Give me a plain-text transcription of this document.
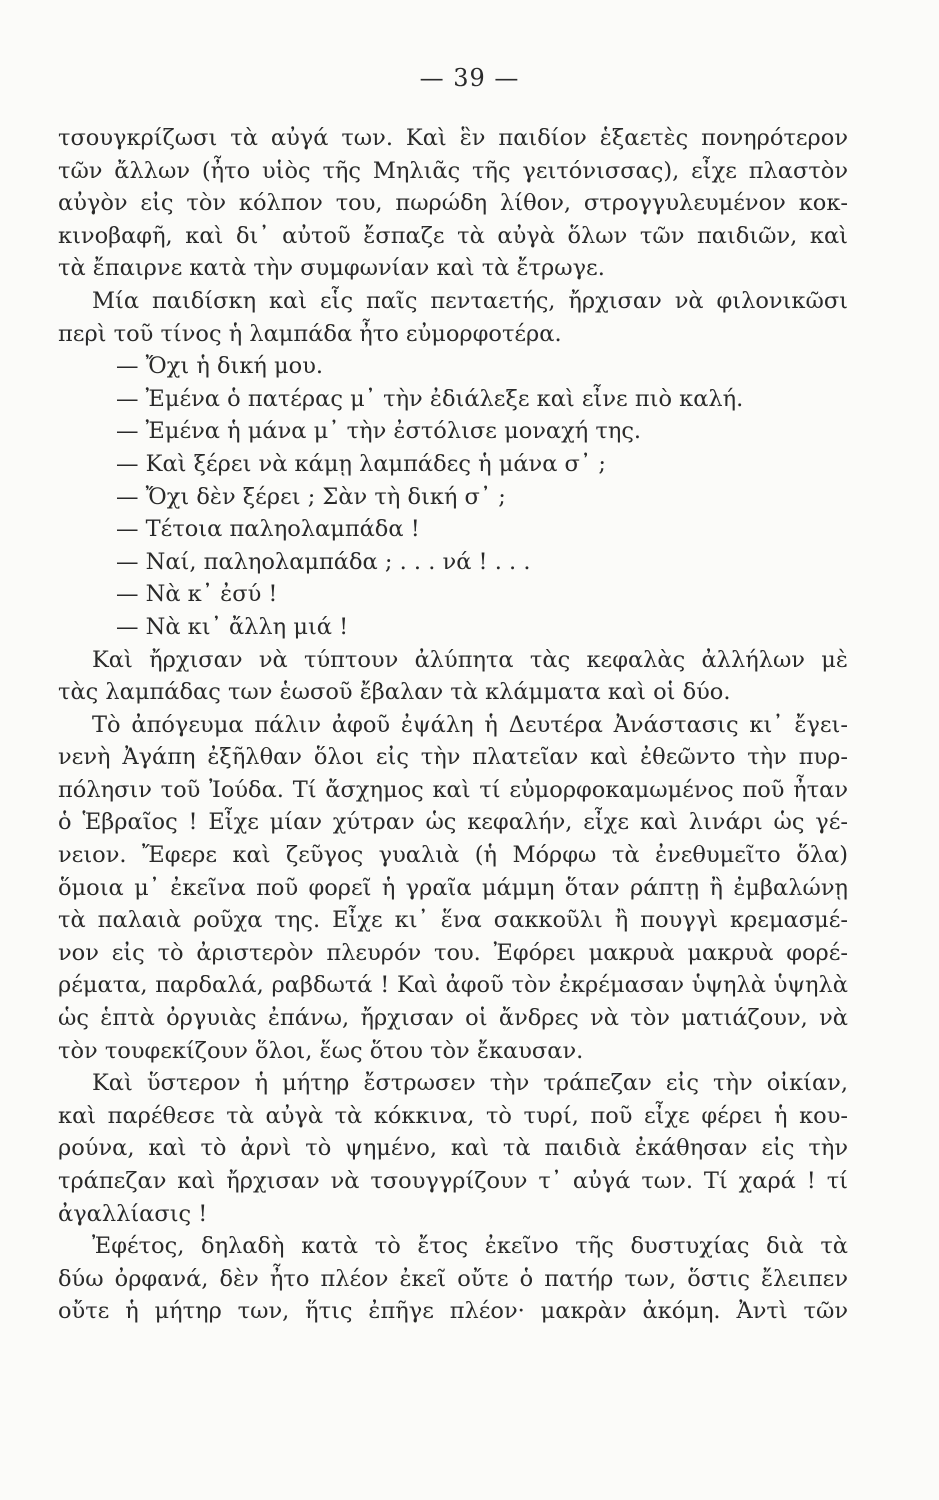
— 39 —
τσουγκρίζωσι τὰ αὐγά των. Καὶ ἓν παιδίον ἑξαετὲς πονηρότερον
τῶν ἄλλων (ἦτο υἱὸς τῆς Μηλιᾶς τῆς γειτόνισσας), εἶχε πλαστὸν
αὐγὸν εἰς τὸν κόλπον του, πωρώδη λίθον, στρογγυλευμένον κοκ-
κινοβαφῆ, καὶ δι᾿ αὐτοῦ ἔσπαζε τὰ αὐγὰ ὅλων τῶν παιδιῶν, καὶ
τὰ ἔπαιρνε κατὰ τὴν συμφωνίαν καὶ τὰ ἔτρωγε.
Μία παιδίσκη καὶ εἷς παῖς πενταετής, ἤρχισαν νὰ φιλονικῶσι
περὶ τοῦ τίνος ἡ λαμπάδα ἦτο εὐμορφοτέρα.
— Ὄχι ἡ δική μου.
— Ἐμένα ὁ πατέρας μ᾿ τὴν ἐδιάλεξε καὶ εἶνε πιὸ καλή.
— Ἐμένα ἡ μάνα μ᾿ τὴν ἐστόλισε μοναχή της.
— Καὶ ξέρει νὰ κάμῃ λαμπάδες ἡ μάνα σ᾿ ;
— Ὄχι δὲν ξέρει ; Σὰν τὴ δική σ᾿ ;
— Τέτοια παληολαμπάδα !
— Ναί, παληολαμπάδα ; . . . νά ! . . .
— Νὰ κ᾿ ἐσύ !
— Νὰ κι᾿ ἄλλη μιά !
Καὶ ἤρχισαν νὰ τύπτουν ἀλύπητα τὰς κεφαλὰς ἀλλήλων μὲ
τὰς λαμπάδας των ἑωσοῦ ἔβαλαν τὰ κλάμματα καὶ οἱ δύο.
Τὸ ἀπόγευμα πάλιν ἀφοῦ ἐψάλη ἡ Δευτέρα Ἀνάστασις κι᾿ ἔγει-
νενὴ Ἀγάπη ἐξῆλθαν ὅλοι εἰς τὴν πλατεῖαν καὶ ἐθεῶντο τὴν πυρ-
πόλησιν τοῦ Ἰούδα. Τί ἄσχημος καὶ τί εὐμορφοκαμωμένος ποῦ ἦταν
ὁ Ἑβραῖος ! Εἶχε μίαν χύτραν ὡς κεφαλήν, εἶχε καὶ λινάρι ὡς γέ-
νειον. Ἔφερε καὶ ζεῦγος γυαλιὰ (ἡ Μόρφω τὰ ἐνεθυμεῖτο ὅλα)
ὅμοια μ᾿ ἐκεῖνα ποῦ φορεῖ ἡ γραῖα μάμμη ὅταν ράπτῃ ἢ ἐμβαλώνῃ
τὰ παλαιὰ ροῦχα της. Εἶχε κι᾿ ἕνα σακκοῦλι ἢ πουγγὶ κρεμασμέ-
νον εἰς τὸ ἀριστερὸν πλευρόν του. Ἐφόρει μακρυὰ μακρυὰ φορέ-
ρέματα, παρδαλά, ραβδωτά ! Καὶ ἀφοῦ τὸν ἐκρέμασαν ὑψηλὰ ὑψηλὰ
ὡς ἑπτὰ ὀργυιὰς ἐπάνω, ἤρχισαν οἱ ἄνδρες νὰ τὸν ματιάζουν, νὰ
τὸν τουφεκίζουν ὅλοι, ἕως ὅτου τὸν ἔκαυσαν.
Καὶ ὕστερον ἡ μήτηρ ἔστρωσεν τὴν τράπεζαν εἰς τὴν οἰκίαν,
καὶ παρέθεσε τὰ αὐγὰ τὰ κόκκινα, τὸ τυρί, ποῦ εἶχε φέρει ἡ κου-
ρούνα, καὶ τὸ ἀρνὶ τὸ ψημένο, καὶ τὰ παιδιὰ ἐκάθησαν εἰς τὴν
τράπεζαν καὶ ἤρχισαν νὰ τσουγγρίζουν τ᾿ αὐγά των. Τί χαρά ! τί
ἀγαλλίασις !
Ἐφέτος, δηλαδὴ κατὰ τὸ ἔτος ἐκεῖνο τῆς δυστυχίας διὰ τὰ
δύω ὀρφανά, δὲν ἦτο πλέον ἐκεῖ οὔτε ὁ πατήρ των, ὅστις ἔλειπεν
οὔτε ἡ μήτηρ των, ἥτις ἐπῆγε πλέον· μακρὰν ἀκόμη. Ἀντὶ τῶν
